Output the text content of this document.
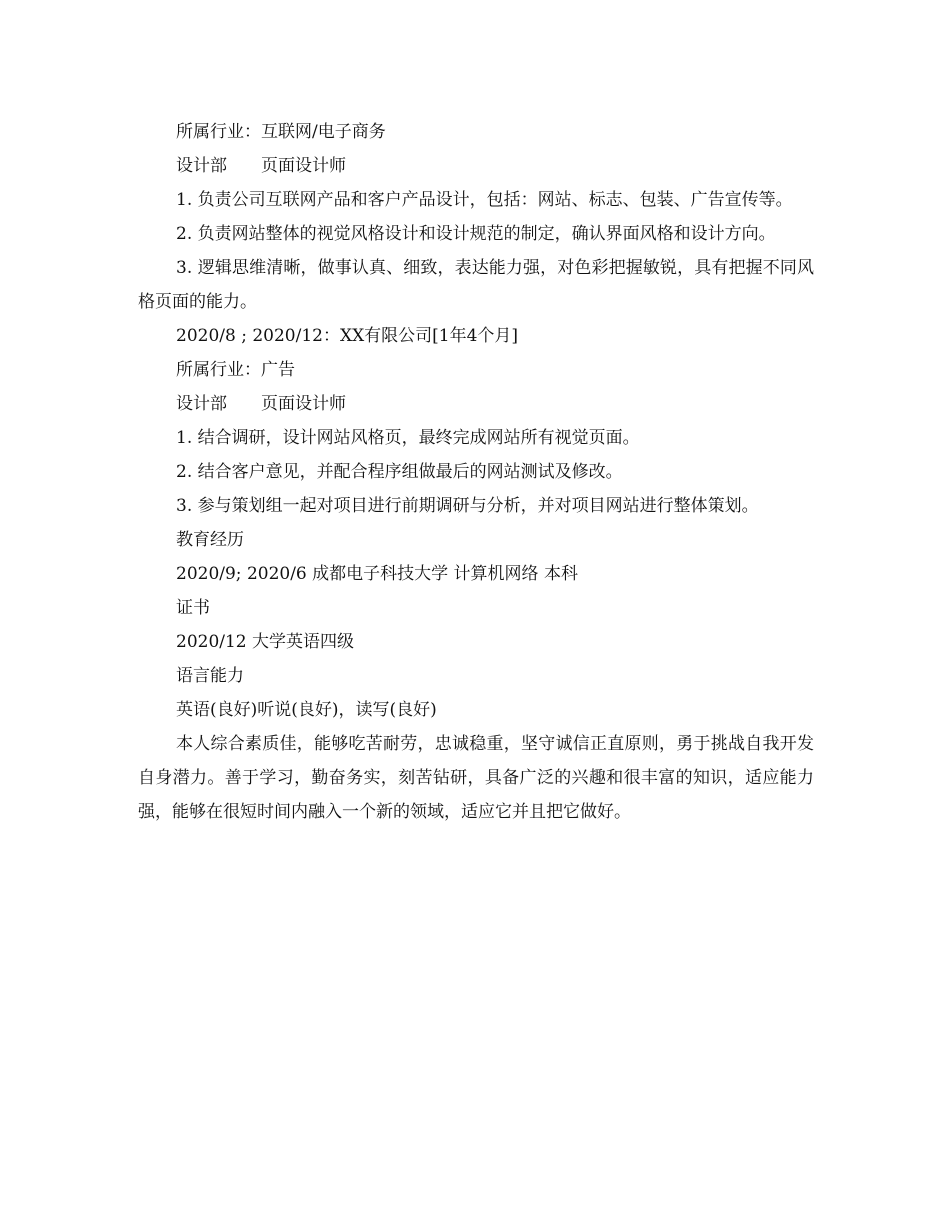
所属行业：互联网/电子商务

设计部　　页面设计师

1. 负责公司互联网产品和客户产品设计，包括：网站、标志、包装、广告宣传等。

2. 负责网站整体的视觉风格设计和设计规范的制定，确认界面风格和设计方向。

3. 逻辑思维清晰，做事认真、细致，表达能力强，对色彩把握敏锐，具有把握不同风格页面的能力。

2020/8 ; 2020/12：XX有限公司[1年4个月]

所属行业：广告

设计部　　页面设计师

1. 结合调研，设计网站风格页，最终完成网站所有视觉页面。

2. 结合客户意见，并配合程序组做最后的网站测试及修改。

3. 参与策划组一起对项目进行前期调研与分析，并对项目网站进行整体策划。

教育经历

2020/9; 2020/6 成都电子科技大学 计算机网络 本科

证书

2020/12 大学英语四级

语言能力

英语(良好)听说(良好)，读写(良好)

本人综合素质佳，能够吃苦耐劳，忠诚稳重，坚守诚信正直原则，勇于挑战自我开发自身潜力。善于学习，勤奋务实，刻苦钻研，具备广泛的兴趣和很丰富的知识，适应能力强，能够在很短时间内融入一个新的领域，适应它并且把它做好。
